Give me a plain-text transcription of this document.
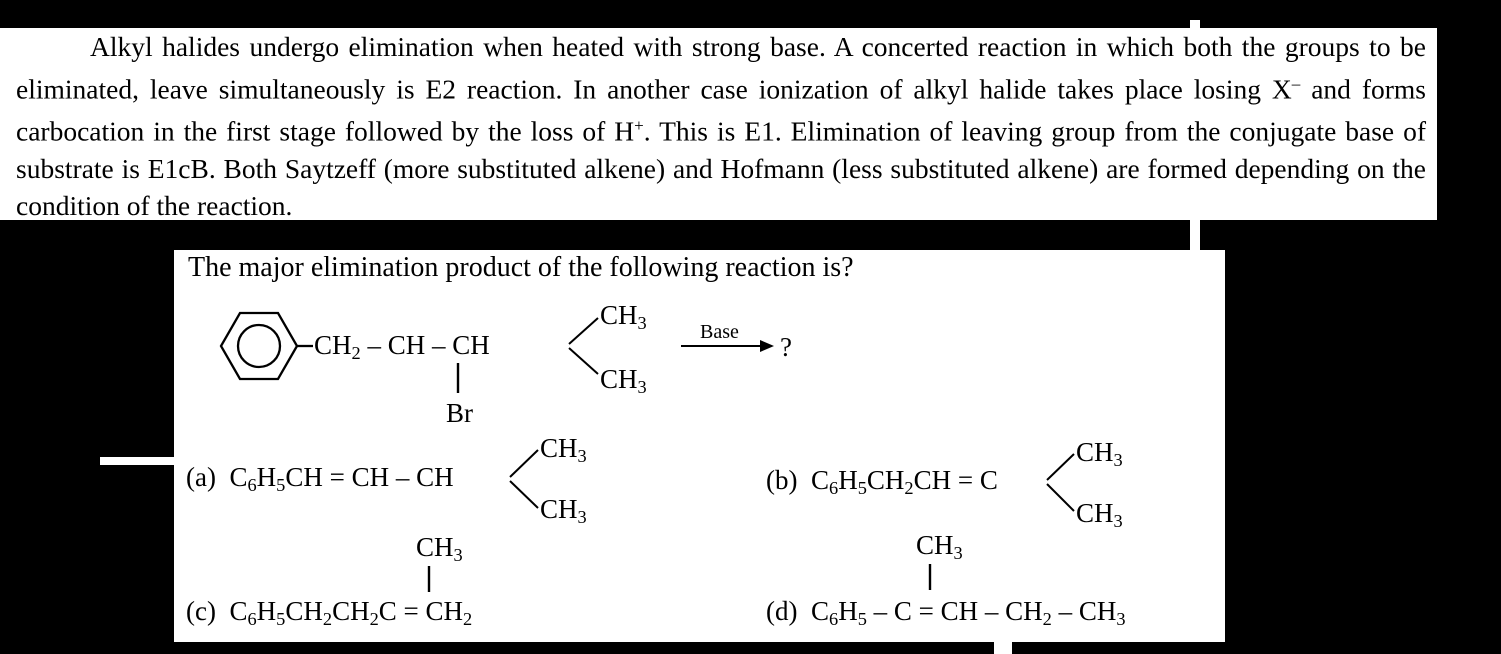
Alkyl halides undergo elimination when heated with strong base. A concerted reaction in which both the groups to be eliminated, leave simultaneously is E2 reaction. In another case ionization of alkyl halide takes place losing X– and forms carbocation in the first stage followed by the loss of H+. This is E1. Elimination of leaving group from the conjugate base of substrate is E1cB. Both Saytzeff (more substituted alkene) and Hofmann (less substituted alkene) are formed depending on the condition of the reaction.

The major elimination product of the following reaction is?
$CH_2$ – CH – CH
$CH_3$
$CH_3$
Br
Base ?
(a) $C_6H_5CH$ = CH – CH
$CH_3$
$CH_3$
(b) $C_6H_5CH_2CH = C$
$CH_3$
$CH_3$
$CH_3$
(c) $C_6H_5CH_2CH_2C = CH_2$
$CH_3$
(d) $C_6H_5$ – C = CH – $CH_2 - CH_3$
